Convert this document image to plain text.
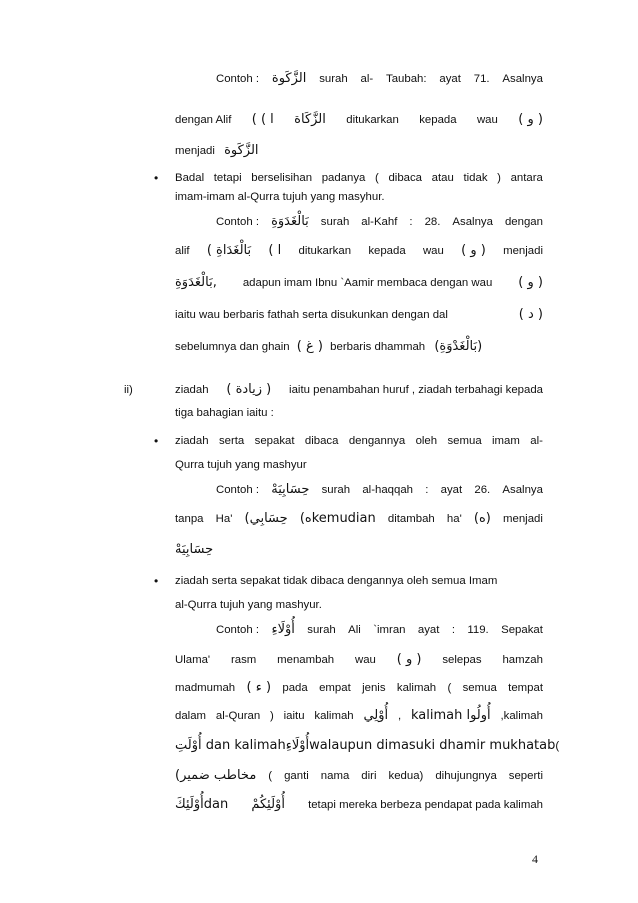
Contoh : الزَّكَوة surah al- Taubah: ayat 71. Asalnya
dengan Alif ( ( ا الزَّكَاة ditukarkan kepada wau ( و )
menjadi الزَّكَوة
• Badal tetapi berselisihan padanya ( dibaca atau tidak ) antara
imam-imam al-Qurra tujuh yang masyhur.
Contoh : بَالْغَدَوَةِ surah al-Kahf : 28. Asalnya dengan
alif ( بَالْغَدَاةِ ( ا ditukarkan kepada wau ( و ) menjadi
بَالْغَدَوَةِ, adapun imam Ibnu `Aamir membaca dengan wau ( و )
iaitu wau berbaris fathah serta disukunkan dengan dal	( د )
sebelumnya dan ghain ( غ ) berbaris dhammah (بَالْغَدْوَةِ)
ii)	ziadah ( زيادة ) iaitu penambahan huruf , ziadah terbahagi kepada
tiga bahagian iaitu :
• ziadah serta sepakat dibaca dengannya oleh semua imam al-
Qurra tujuh yang mashyur
Contoh : حِسَابِيَهْ surah al-haqqah : ayat 26. Asalnya
tanpa Ha' (حِسَابِي (هkemudian ditambah ha' (ه) menjadi
حِسَابِيَهْ
• ziadah serta sepakat tidak dibaca dengannya oleh semua Imam
al-Qurra tujuh yang mashyur.
Contoh : أُوْلَاءِ surah Ali `imran ayat : 119. Sepakat
Ulama' rasm menambah wau ( و ) selepas hamzah
madmumah ( ء ) pada empat jenis kalimah ( semua tempat
dalam al-Quran ) iaitu kalimah أُوْلِي , kalimah أُولُوا ,kalimah
أُوْلَتِ dan kalimah أُوْلَاءِwalaupun dimasuki dhamir mukhatab (
(مخاطب ضمير ( ganti nama diri kedua) dihujungnya seperti
أُوْلَئِكَdan أُوْلَئِكُمْ tetapi mereka berbeza pendapat pada kalimah
4
